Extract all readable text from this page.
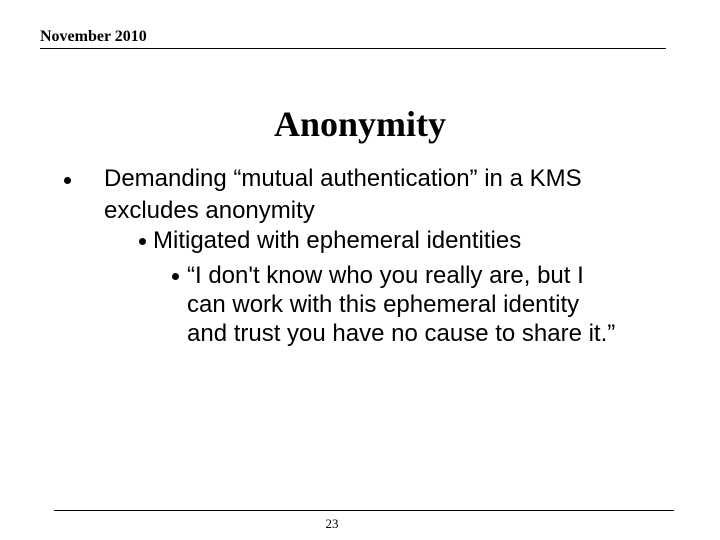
November 2010
Anonymity

Demanding “mutual authentication” in a KMS
excludes anonymity

Mitigated with ephemeral identities

“I don't know who you really are, but I
can work with this ephemeral identity
and trust you have no cause to share it.”

23
